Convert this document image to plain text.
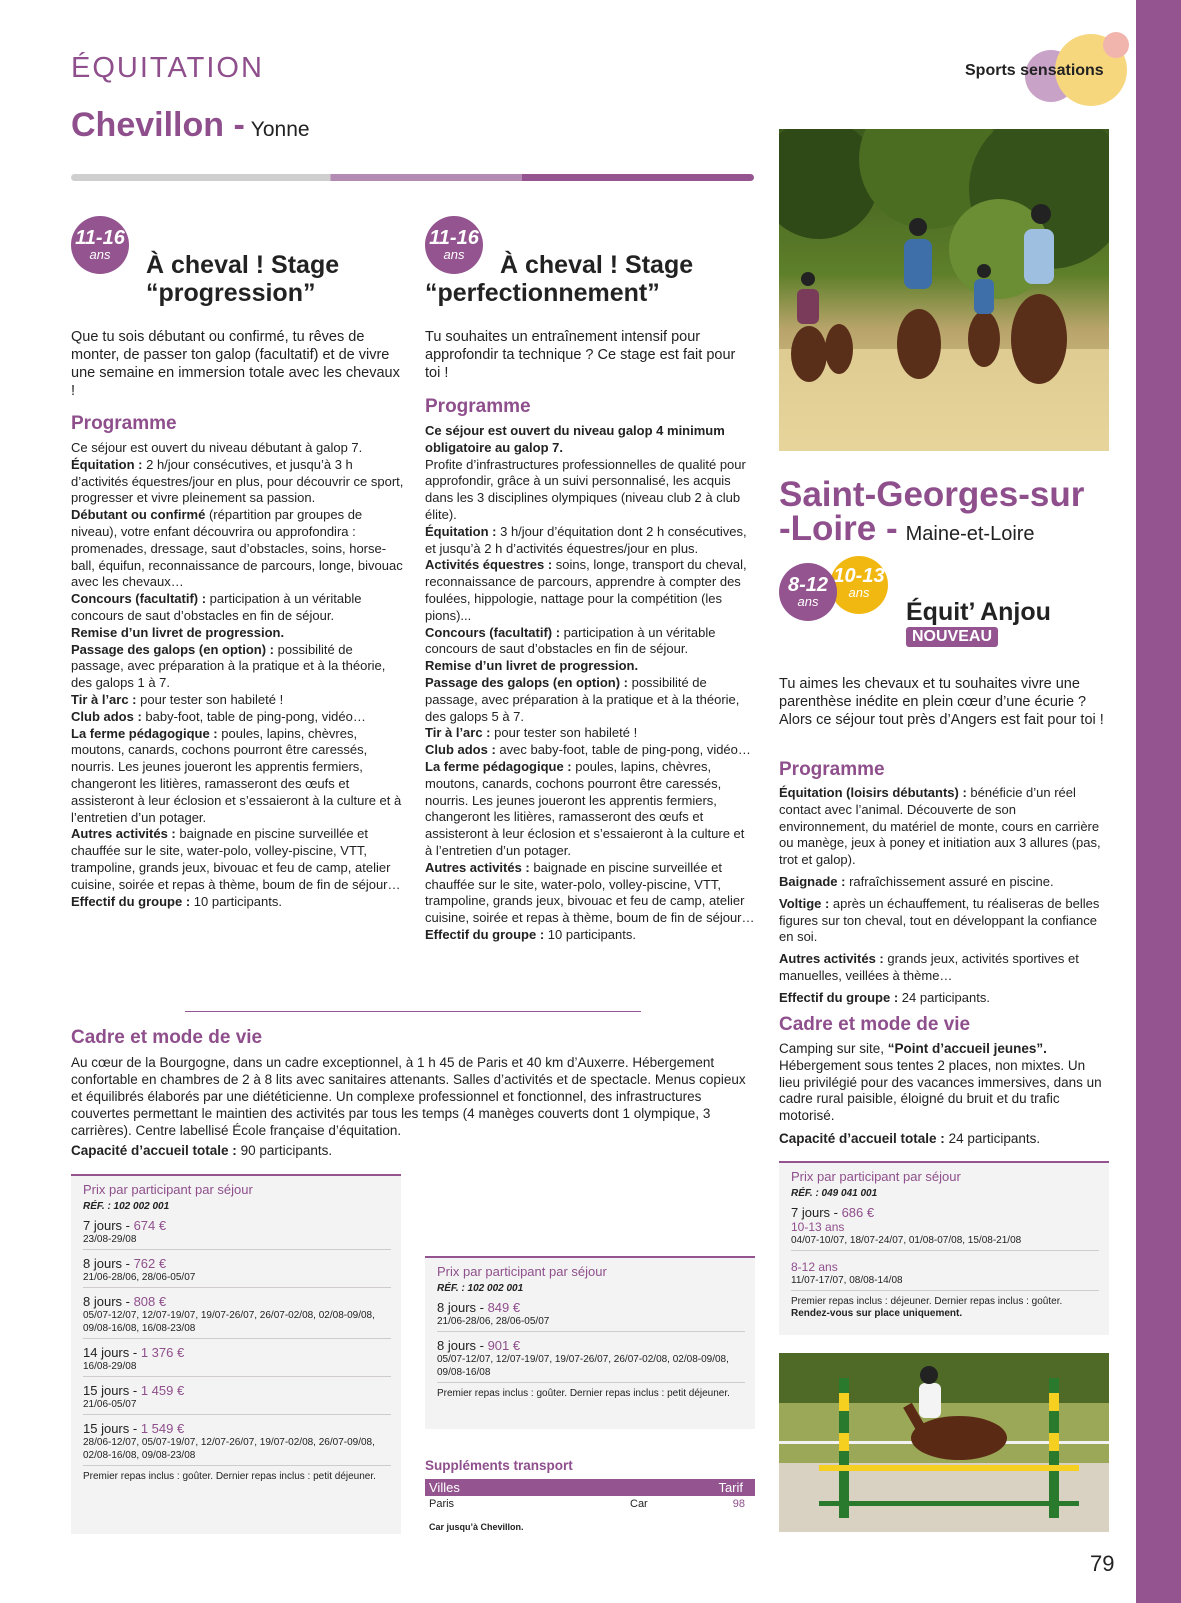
ÉQUITATION	Sports sensations
Chevillon - Yonne
11-16
ans	À cheval ! Stage
“progression”
Que tu sois débutant ou confirmé, tu rêves de monter, de passer ton galop (facultatif) et de vivre une semaine en immersion totale avec les chevaux !
Programme
Ce séjour est ouvert du niveau débutant à galop 7.
Équitation : 2 h/jour consécutives, et jusqu’à 3 h d’activités équestres/jour en plus, pour découvrir ce sport, progresser et vivre pleinement sa passion.
Débutant ou confirmé (répartition par groupes de niveau), votre enfant découvrira ou approfondira : promenades, dressage, saut d’obstacles, soins, horse-ball, équifun, reconnaissance de parcours, longe, bivouac avec les chevaux…
Concours (facultatif) : participation à un véritable concours de saut d’obstacles en fin de séjour.
Remise d’un livret de progression.
Passage des galops (en option) : possibilité de passage, avec préparation à la pratique et à la théorie, des galops 1 à 7.
Tir à l’arc : pour tester son habileté !
Club ados : baby-foot, table de ping-pong, vidéo…
La ferme pédagogique : poules, lapins, chèvres, moutons, canards, cochons pourront être caressés, nourris. Les jeunes joueront les apprentis fermiers, changeront les litières, ramasseront des œufs et assisteront à leur éclosion et s’essaieront à la culture et à l’entretien d’un potager.
Autres activités : baignade en piscine surveillée et chauffée sur le site, water-polo, volley-piscine, VTT, trampoline, grands jeux, bivouac et feu de camp, atelier cuisine, soirée et repas à thème, boum de fin de séjour…
Effectif du groupe : 10 participants.
11-16
ans	À cheval ! Stage
“perfectionnement”
Tu souhaites un entraînement intensif pour approfondir ta technique ? Ce stage est fait pour toi !
Programme
Ce séjour est ouvert du niveau galop 4 minimum obligatoire au galop 7.
Profite d’infrastructures professionnelles de qualité pour approfondir, grâce à un suivi personnalisé, les acquis dans les 3 disciplines olympiques (niveau club 2 à club élite).
Équitation : 3 h/jour d’équitation dont 2 h consécutives, et jusqu’à 2 h d’activités équestres/jour en plus.
Activités équestres : soins, longe, transport du cheval, reconnaissance de parcours, apprendre à compter des foulées, hippologie, nattage pour la compétition (les pions)...
Concours (facultatif) : participation à un véritable concours de saut d’obstacles en fin de séjour.
Remise d’un livret de progression.
Passage des galops (en option) : possibilité de passage, avec préparation à la pratique et à la théorie, des galops 5 à 7.
Tir à l’arc : pour tester son habileté !
Club ados : avec baby-foot, table de ping-pong, vidéo…
La ferme pédagogique : poules, lapins, chèvres, moutons, canards, cochons pourront être caressés, nourris. Les jeunes joueront les apprentis fermiers, changeront les litières, ramasseront des œufs et assisteront à leur éclosion et s’essaieront à la culture et à l’entretien d’un potager.
Autres activités : baignade en piscine surveillée et chauffée sur le site, water-polo, volley-piscine, VTT, trampoline, grands jeux, bivouac et feu de camp, atelier cuisine, soirée et repas à thème, boum de fin de séjour…
Effectif du groupe : 10 participants.
Cadre et mode de vie
Au cœur de la Bourgogne, dans un cadre exceptionnel, à 1 h 45 de Paris et 40 km d’Auxerre. Hébergement confortable en chambres de 2 à 8 lits avec sanitaires attenants. Salles d’activités et de spectacle. Menus copieux et équilibrés élaborés par une diététicienne. Un complexe professionnel et fonctionnel, des infrastructures couvertes permettant le maintien des activités par tous les temps (4 manèges couverts dont 1 olympique, 3 carrières). Centre labellisé École française d’équitation.
Capacité d’accueil totale : 90 participants.
Prix par participant par séjour
RÉF. : 102 002 001
7 jours - 674 €
23/08-29/08
8 jours - 762 €
21/06-28/06, 28/06-05/07
8 jours - 808 €
05/07-12/07, 12/07-19/07, 19/07-26/07, 26/07-02/08, 02/08-09/08, 09/08-16/08, 16/08-23/08
14 jours - 1 376 €
16/08-29/08
15 jours - 1 459 €
21/06-05/07
15 jours - 1 549 €
28/06-12/07, 05/07-19/07, 12/07-26/07, 19/07-02/08, 26/07-09/08, 02/08-16/08, 09/08-23/08
Premier repas inclus : goûter. Dernier repas inclus : petit déjeuner.
Prix par participant par séjour
RÉF. : 102 002 001
8 jours - 849 €
21/06-28/06, 28/06-05/07
8 jours - 901 €
05/07-12/07, 12/07-19/07, 19/07-26/07, 26/07-02/08, 02/08-09/08, 09/08-16/08
Premier repas inclus : goûter. Dernier repas inclus : petit déjeuner.
Suppléments transport
Villes	Tarif
Paris	Car	98
Car jusqu’à Chevillon.
Saint-Georges-sur
-Loire - Maine-et-Loire
10-13
ans
8-12
ans	Équit’ Anjou
NOUVEAU
Tu aimes les chevaux et tu souhaites vivre une parenthèse inédite en plein cœur d’une écurie ? Alors ce séjour tout près d’Angers est fait pour toi !
Programme
Équitation (loisirs débutants) : bénéficie d’un réel contact avec l’animal. Découverte de son environnement, du matériel de monte, cours en carrière ou manège, jeux à poney et initiation aux 3 allures (pas, trot et galop).
Baignade : rafraîchissement assuré en piscine.
Voltige : après un échauffement, tu réaliseras de belles figures sur ton cheval, tout en développant la confiance en soi.
Autres activités : grands jeux, activités sportives et manuelles, veillées à thème…
Effectif du groupe : 24 participants.
Cadre et mode de vie
Camping sur site, “Point d’accueil jeunes”. Hébergement sous tentes 2 places, non mixtes. Un lieu privilégié pour des vacances immersives, dans un cadre rural paisible, éloigné du bruit et du trafic motorisé.
Capacité d’accueil totale : 24 participants.
Prix par participant par séjour
RÉF. : 049 041 001
7 jours - 686 €
10-13 ans
04/07-10/07, 18/07-24/07, 01/08-07/08, 15/08-21/08
8-12 ans
11/07-17/07, 08/08-14/08
Premier repas inclus : déjeuner. Dernier repas inclus : goûter.
Rendez-vous sur place uniquement.
79
